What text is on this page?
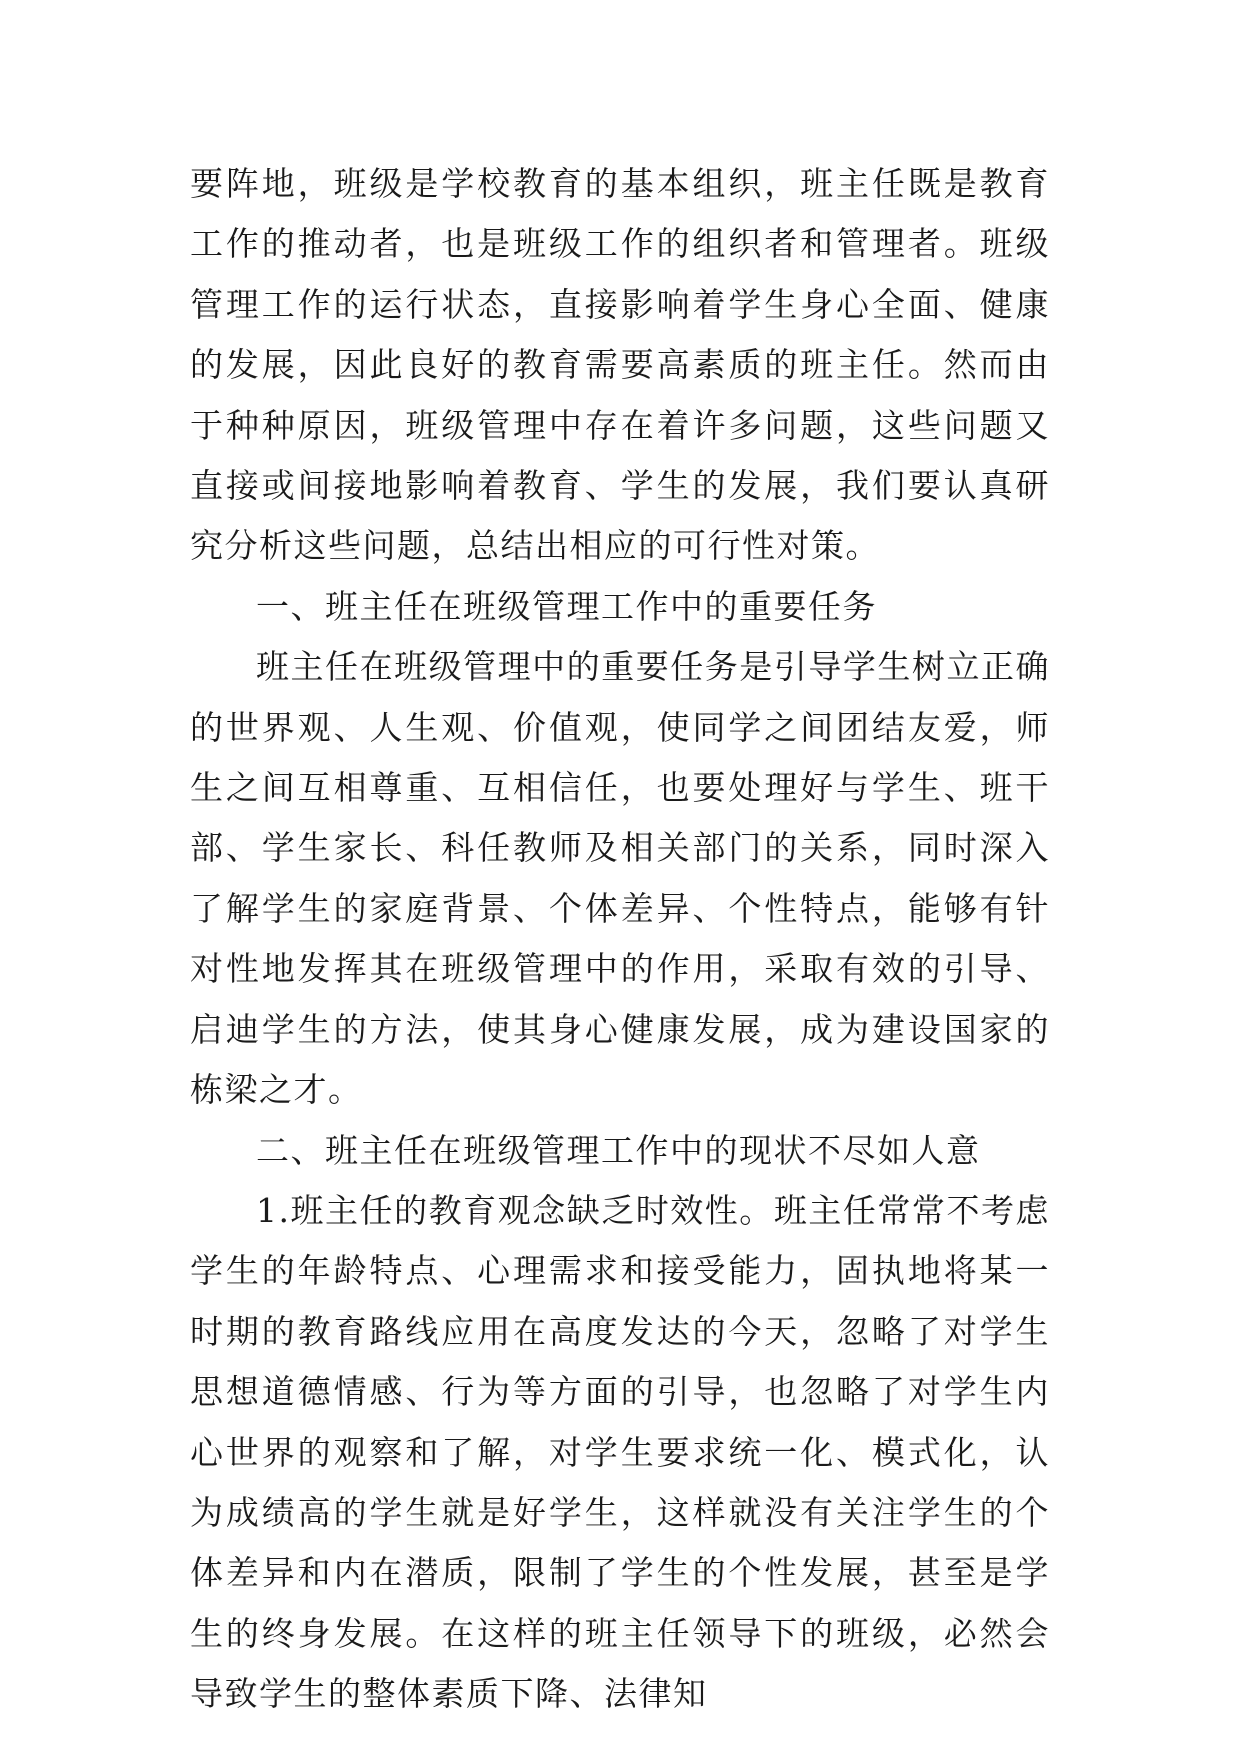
要阵地，班级是学校教育的基本组织，班主任既是教育工作的推动者，也是班级工作的组织者和管理者。班级管理工作的运行状态，直接影响着学生身心全面、健康的发展，因此良好的教育需要高素质的班主任。然而由于种种原因，班级管理中存在着许多问题，这些问题又直接或间接地影响着教育、学生的发展，我们要认真研究分析这些问题，总结出相应的可行性对策。

一、班主任在班级管理工作中的重要任务

班主任在班级管理中的重要任务是引导学生树立正确的世界观、人生观、价值观，使同学之间团结友爱，师生之间互相尊重、互相信任，也要处理好与学生、班干部、学生家长、科任教师及相关部门的关系，同时深入了解学生的家庭背景、个体差异、个性特点，能够有针对性地发挥其在班级管理中的作用，采取有效的引导、启迪学生的方法，使其身心健康发展，成为建设国家的栋梁之才。

二、班主任在班级管理工作中的现状不尽如人意

1.班主任的教育观念缺乏时效性。班主任常常不考虑学生的年龄特点、心理需求和接受能力，固执地将某一时期的教育路线应用在高度发达的今天，忽略了对学生思想道德情感、行为等方面的引导，也忽略了对学生内心世界的观察和了解，对学生要求统一化、模式化，认为成绩高的学生就是好学生，这样就没有关注学生的个体差异和内在潜质，限制了学生的个性发展，甚至是学生的终身发展。在这样的班主任领导下的班级，必然会导致学生的整体素质下降、法律知
